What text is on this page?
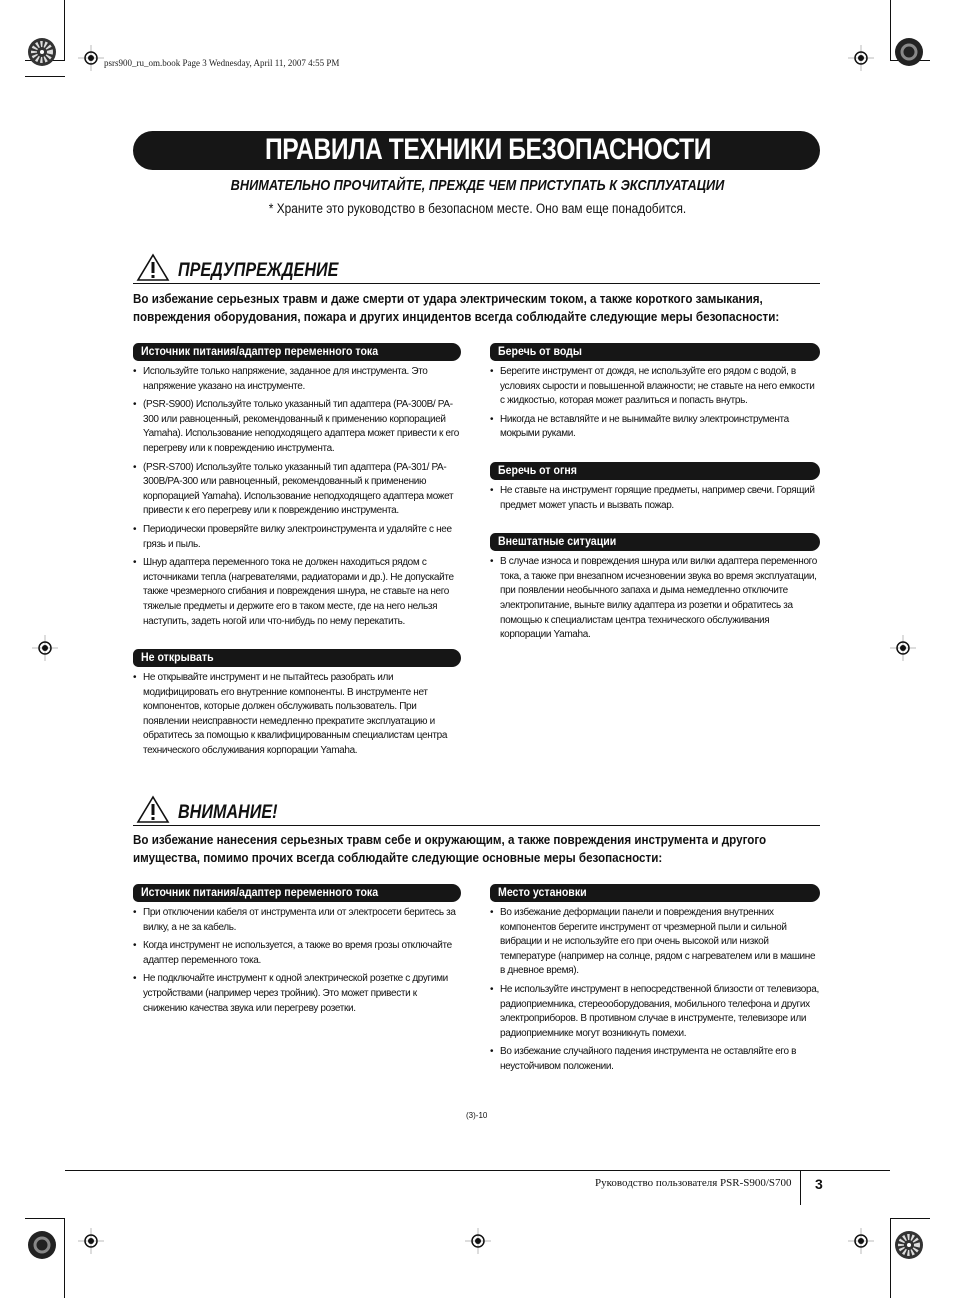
psrs900_ru_om.book Page 3 Wednesday, April 11, 2007 4:55 PM
ПРАВИЛА ТЕХНИКИ БЕЗОПАСНОСТИ
ВНИМАТЕЛЬНО ПРОЧИТАЙТЕ, ПРЕЖДЕ ЧЕМ ПРИСТУПАТЬ К ЭКСПЛУАТАЦИИ
* Храните это руководство в безопасном месте. Оно вам еще понадобится.
ПРЕДУПРЕЖДЕНИЕ
Во избежание серьезных травм и даже смерти от удара электрическим током, а также короткого замыкания, повреждения оборудования, пожара и других инцидентов всегда соблюдайте следующие меры безопасности:
Источник питания/адаптер переменного тока
• Используйте только напряжение, заданное для инструмента. Это напряжение указано на инструменте.
• (PSR-S900) Используйте только указанный тип адаптера (PA-300B/ PA-300 или равноценный, рекомендованный к применению корпорацией Yamaha). Использование неподходящего адаптера может привести к его перегреву или к повреждению инструмента.
• (PSR-S700) Используйте только указанный тип адаптера (PA-301/ PA-300B/PA-300 или равноценный, рекомендованный к применению корпорацией Yamaha). Использование неподходящего адаптера может привести к его перегреву или к повреждению инструмента.
• Периодически проверяйте вилку электроинструмента и удаляйте с нее грязь и пыль.
• Шнур адаптера переменного тока не должен находиться рядом с источниками тепла (нагревателями, радиаторами и др.). Не допускайте также чрезмерного сгибания и повреждения шнура, не ставьте на него тяжелые предметы и держите его в таком месте, где на него нельзя наступить, задеть ногой или что-нибудь по нему перекатить.
Не открывать
• Не открывайте инструмент и не пытайтесь разобрать или модифицировать его внутренние компоненты. В инструменте нет компонентов, которые должен обслуживать пользователь. При появлении неисправности немедленно прекратите эксплуатацию и обратитесь за помощью к квалифицированным специалистам центра технического обслуживания корпорации Yamaha.
Беречь от воды
• Берегите инструмент от дождя, не используйте его рядом с водой, в условиях сырости и повышенной влажности; не ставьте на него емкости с жидкостью, которая может разлиться и попасть внутрь.
• Никогда не вставляйте и не вынимайте вилку электроинструмента мокрыми руками.
Беречь от огня
• Не ставьте на инструмент горящие предметы, например свечи. Горящий предмет может упасть и вызвать пожар.
Внештатные ситуации
• В случае износа и повреждения шнура или вилки адаптера переменного тока, а также при внезапном исчезновении звука во время эксплуатации, при появлении необычного запаха и дыма немедленно отключите электропитание, выньте вилку адаптера из розетки и обратитесь за помощью к специалистам центра технического обслуживания корпорации Yamaha.
ВНИМАНИЕ!
Во избежание нанесения серьезных травм себе и окружающим, а также повреждения инструмента и другого имущества, помимо прочих всегда соблюдайте следующие основные меры безопасности:
Источник питания/адаптер переменного тока
• При отключении кабеля от инструмента или от электросети беритесь за вилку, а не за кабель.
• Когда инструмент не используется, а также во время грозы отключайте адаптер переменного тока.
• Не подключайте инструмент к одной электрической розетке с другими устройствами (например через тройник). Это может привести к снижению качества звука или перегреву розетки.
Место установки
• Во избежание деформации панели и повреждения внутренних компонентов берегите инструмент от чрезмерной пыли и сильной вибрации и не используйте его при очень высокой или низкой температуре (например на солнце, рядом с нагревателем или в машине в дневное время).
• Не используйте инструмент в непосредственной близости от телевизора, радиоприемника, стереооборудования, мобильного телефона и других электроприборов. В противном случае в инструменте, телевизоре или радиоприемнике могут возникнуть помехи.
• Во избежание случайного падения инструмента не оставляйте его в неустойчивом положении.
(3)-10
Руководство пользователя PSR-S900/S700 3
